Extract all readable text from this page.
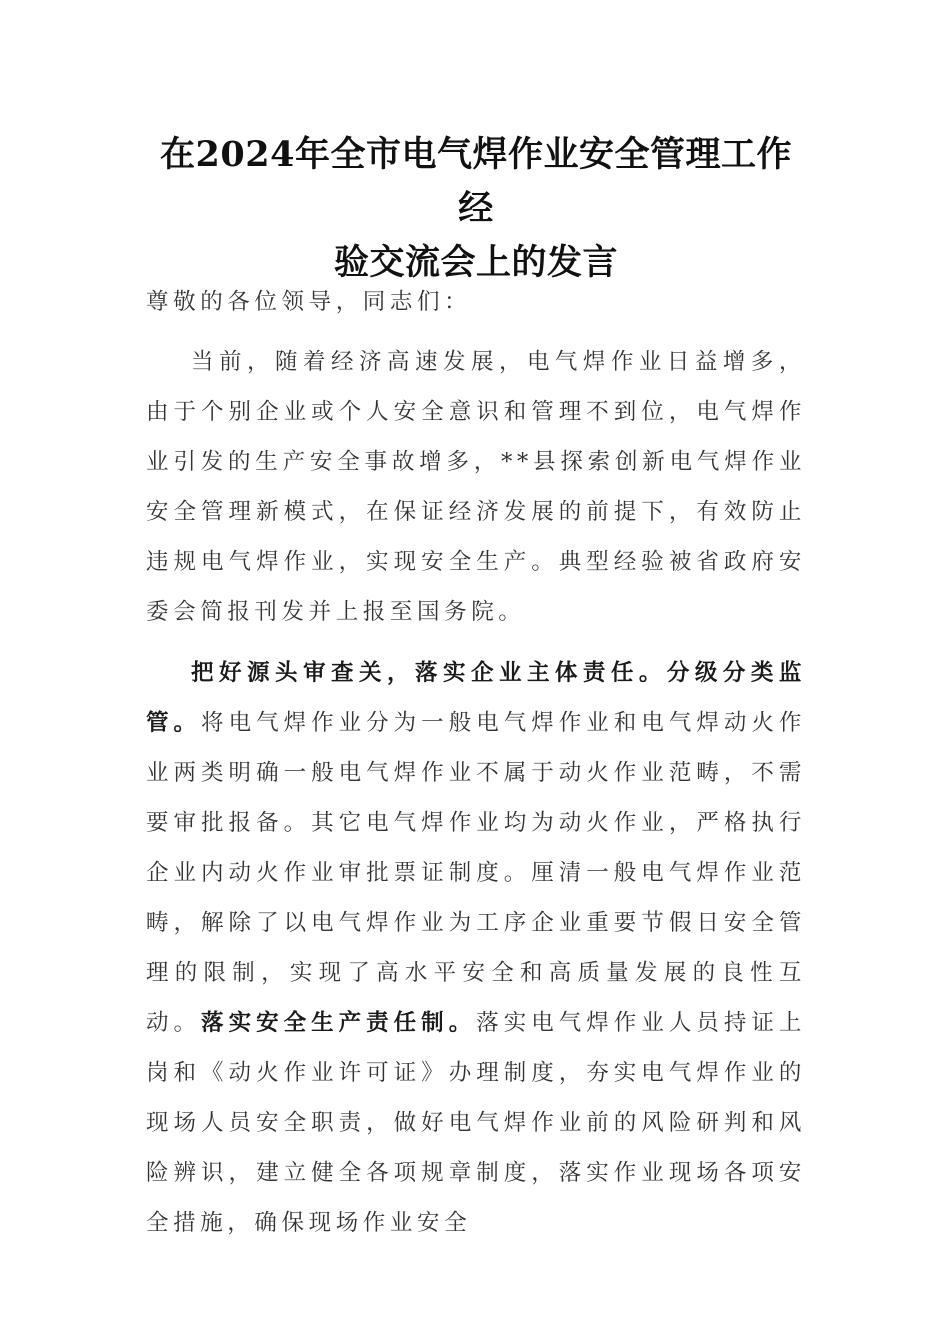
在2024年全市电气焊作业安全管理工作经
验交流会上的发言
尊敬的各位领导，同志们：
当前，随着经济高速发展，电气焊作业日益增多，由于个别企业或个人安全意识和管理不到位，电气焊作业引发的生产安全事故增多，**县探索创新电气焊作业安全管理新模式，在保证经济发展的前提下，有效防止违规电气焊作业，实现安全生产。典型经验被省政府安委会简报刊发并上报至国务院。
把好源头审查关，落实企业主体责任。分级分类监管。将电气焊作业分为一般电气焊作业和电气焊动火作业两类明确一般电气焊作业不属于动火作业范畴，不需要审批报备。其它电气焊作业均为动火作业，严格执行企业内动火作业审批票证制度。厘清一般电气焊作业范畴，解除了以电气焊作业为工序企业重要节假日安全管理的限制，实现了高水平安全和高质量发展的良性互动。落实安全生产责任制。落实电气焊作业人员持证上岗和《动火作业许可证》办理制度，夯实电气焊作业的现场人员安全职责，做好电气焊作业前的风险研判和风险辨识，建立健全各项规章制度，落实作业现场各项安全措施，确保现场作业安全
